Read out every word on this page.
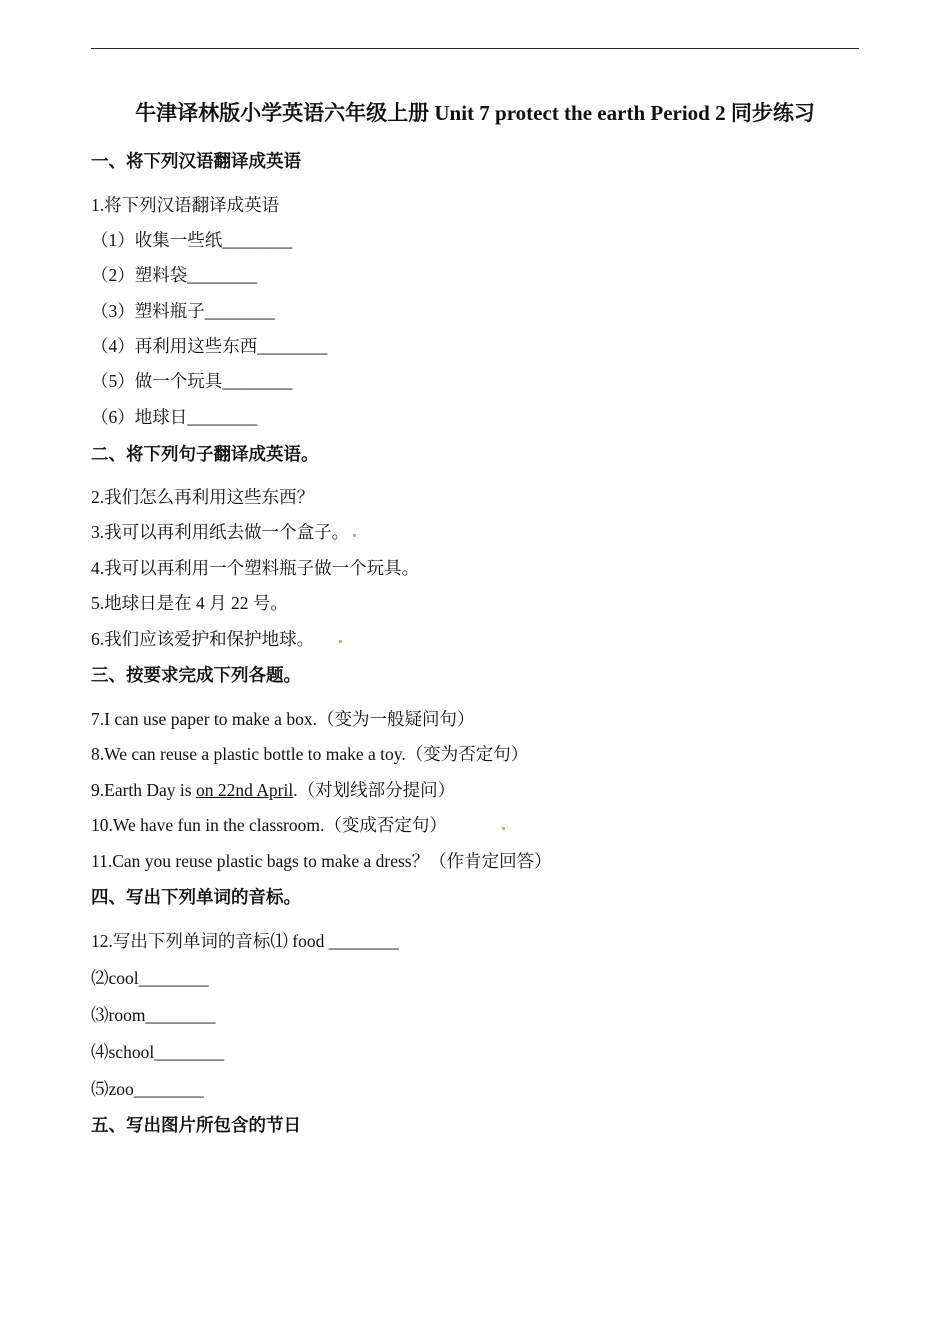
牛津译林版小学英语六年级上册 Unit 7 protect the earth Period 2 同步练习
一、将下列汉语翻译成英语
1.将下列汉语翻译成英语
（1）收集一些纸________
（2）塑料袋________
（3）塑料瓶子________
（4）再利用这些东西________
（5）做一个玩具________
（6）地球日________
二、将下列句子翻译成英语。
2.我们怎么再利用这些东西？
3.我可以再利用纸去做一个盒子。
4.我可以再利用一个塑料瓶子做一个玩具。
5.地球日是在 4 月 22 号。
6.我们应该爱护和保护地球。
三、按要求完成下列各题。
7.I can use paper to make a box.（变为一般疑问句）
8.We can reuse a plastic bottle to make a toy.（变为否定句）
9.Earth Day is on 22nd April.（对划线部分提问）
10.We have fun in the classroom.（变成否定句）
11.Can you reuse plastic bags to make a dress？（作肯定回答）
四、写出下列单词的音标。
12.写出下列单词的音标⑴ food ________
⑵cool________
⑶room________
⑷school________
⑸zoo________
五、写出图片所包含的节日
